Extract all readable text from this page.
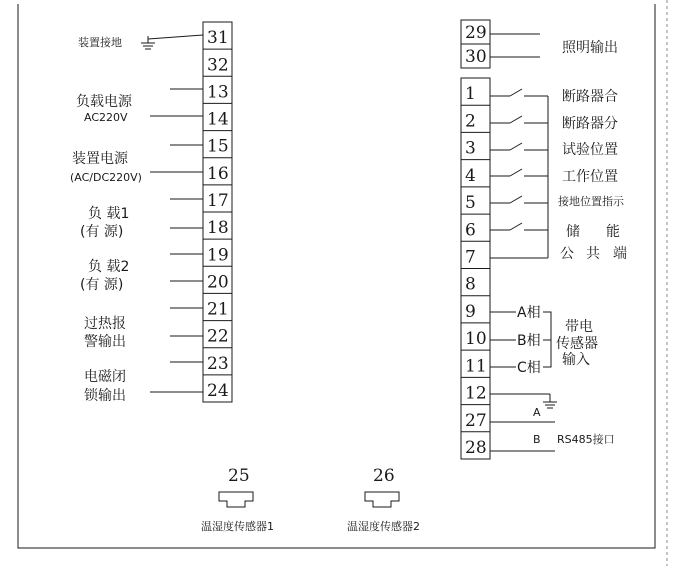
31
32
13
14
15
16
17
18
19
20
21
22
23
24
装置接地
负载电源
AC220V
装置电源
(AC/DC220V)
负 载1
(有 源)
负 载2
(有 源)
过热报
警输出
电磁闭
锁输出
29
30	照明输出
1
2
3
4
5
6
7
8
9
10
11
12
27
28
断路器合
断路器分
试验位置
工作位置
接地位置指示
储 能
公 共 端
A相
B相
C相
带电
传感器
输入
A
B RS485接口
25
温湿度传感器1
26
温湿度传感器2
